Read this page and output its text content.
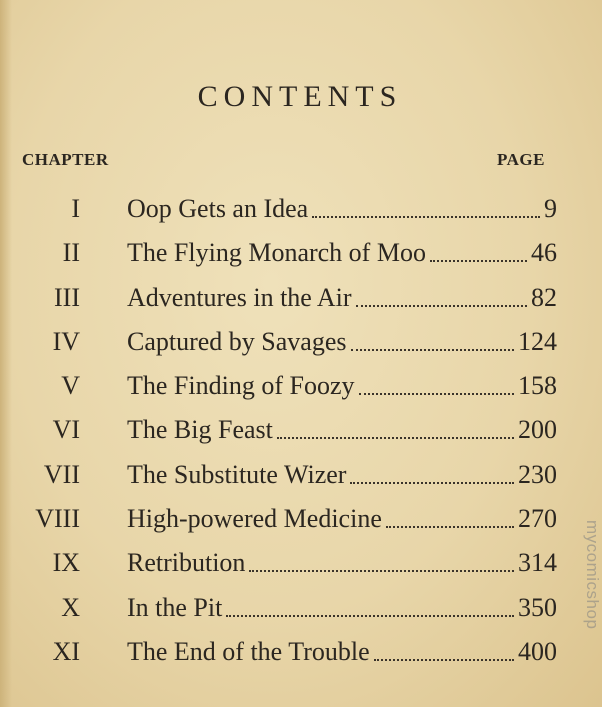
CONTENTS
CHAPTER	PAGE
I Oop Gets an Idea	9
II The Flying Monarch of Moo	46
III Adventures in the Air	82
IV Captured by Savages	124
V The Finding of Foozy	158
VI The Big Feast	200
VII The Substitute Wizer	230
VIII High-powered Medicine	270
IX Retribution	314
X In the Pit	350
XI The End of the Trouble	400
mycomicshop
